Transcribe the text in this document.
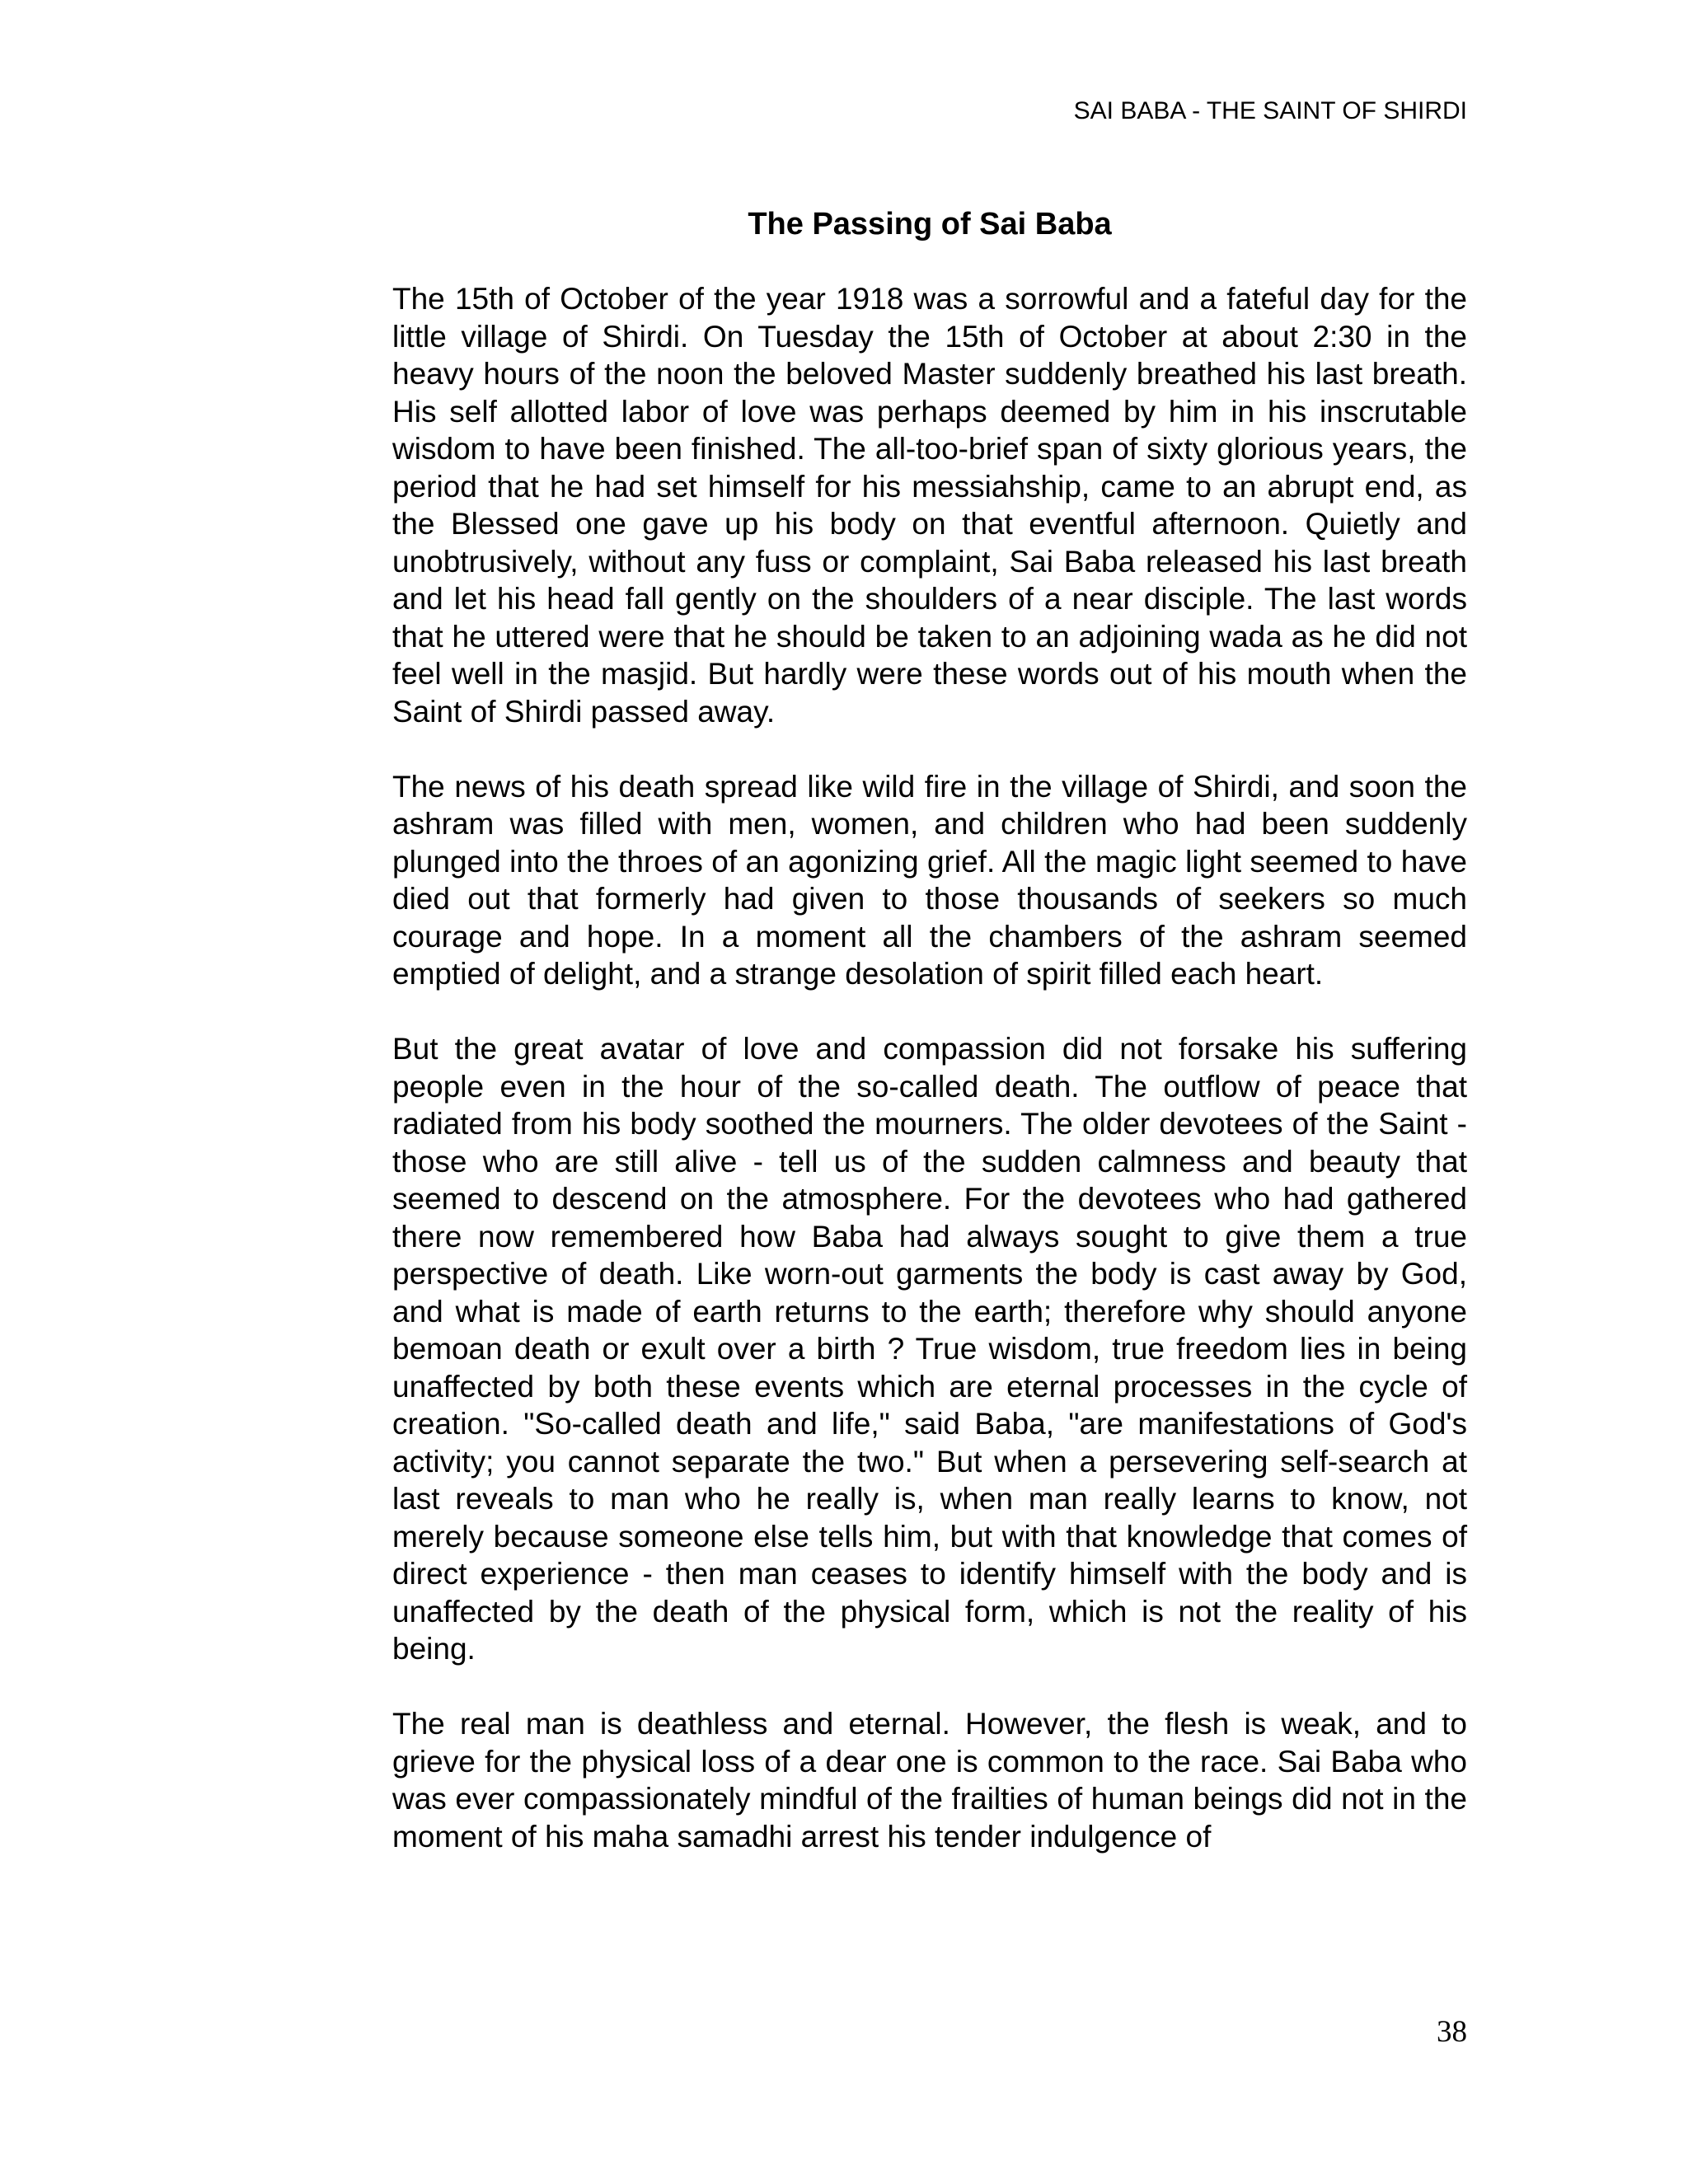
SAI BABA - THE SAINT OF SHIRDI
The Passing of Sai Baba

The 15th of October of the year 1918 was a sorrowful and a fateful day for the little village of Shirdi. On Tuesday the 15th of October at about 2:30 in the heavy hours of the noon the beloved Master suddenly breathed his last breath. His self allotted labor of love was perhaps deemed by him in his inscrutable wisdom to have been finished. The all-too-brief span of sixty glorious years, the period that he had set himself for his messiahship, came to an abrupt end, as the Blessed one gave up his body on that eventful afternoon. Quietly and unobtrusively, without any fuss or complaint, Sai Baba released his last breath and let his head fall gently on the shoulders of a near disciple. The last words that he uttered were that he should be taken to an adjoining wada as he did not feel well in the masjid. But hardly were these words out of his mouth when the Saint of Shirdi passed away.

The news of his death spread like wild fire in the village of Shirdi, and soon the ashram was filled with men, women, and children who had been suddenly plunged into the throes of an agonizing grief. All the magic light seemed to have died out that formerly had given to those thousands of seekers so much courage and hope. In a moment all the chambers of the ashram seemed emptied of delight, and a strange desolation of spirit filled each heart.

But the great avatar of love and compassion did not forsake his suffering people even in the hour of the so-called death. The outflow of peace that radiated from his body soothed the mourners. The older devotees of the Saint - those who are still alive - tell us of the sudden calmness and beauty that seemed to descend on the atmosphere. For the devotees who had gathered there now remembered how Baba had always sought to give them a true perspective of death. Like worn-out garments the body is cast away by God, and what is made of earth returns to the earth; therefore why should anyone bemoan death or exult over a birth ? True wisdom, true freedom lies in being unaffected by both these events which are eternal processes in the cycle of creation. "So-called death and life," said Baba, "are manifestations of God's activity; you cannot separate the two." But when a persevering self-search at last reveals to man who he really is, when man really learns to know, not merely because someone else tells him, but with that knowledge that comes of direct experience - then man ceases to identify himself with the body and is unaffected by the death of the physical form, which is not the reality of his being.

The real man is deathless and eternal. However, the flesh is weak, and to grieve for the physical loss of a dear one is common to the race. Sai Baba who was ever compassionately mindful of the frailties of human beings did not in the moment of his maha samadhi arrest his tender indulgence of

38
